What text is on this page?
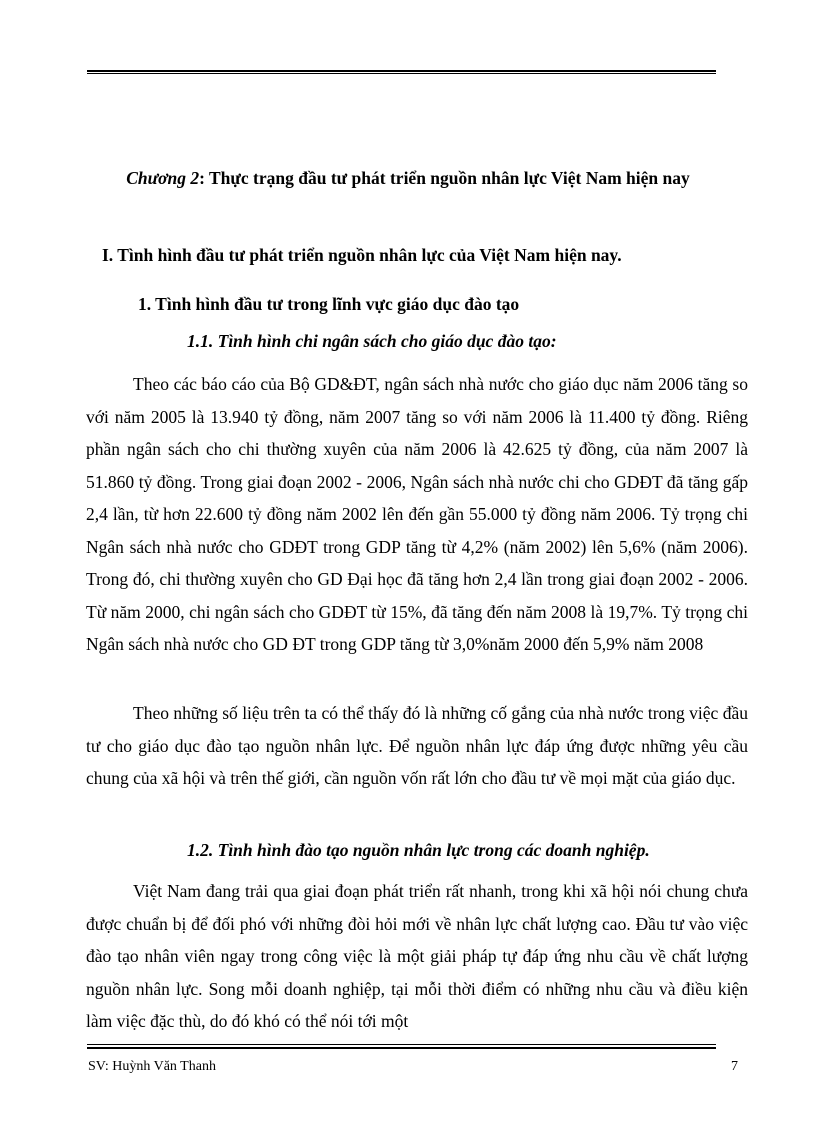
Chương 2: Thực trạng đầu tư phát triển nguồn nhân lực Việt Nam hiện nay
I. Tình hình đầu tư phát triển nguồn nhân lực của Việt Nam hiện nay.
1. Tình hình đầu tư trong lĩnh vực giáo dục đào tạo
1.1. Tình hình chi ngân sách cho giáo dục đào tạo:

Theo các báo cáo của Bộ GD&ĐT, ngân sách nhà nước cho giáo dục năm 2006 tăng so với năm 2005 là 13.940 tỷ đồng, năm 2007 tăng so với năm 2006 là 11.400 tỷ đồng. Riêng phần ngân sách cho chi thường xuyên của năm 2006 là 42.625 tỷ đồng, của năm 2007 là 51.860 tỷ đồng. Trong giai đoạn 2002 - 2006, Ngân sách nhà nước chi cho GDĐT đã tăng gấp 2,4 lần, từ hơn 22.600 tỷ đồng năm 2002 lên đến gần 55.000 tỷ đồng năm 2006. Tỷ trọng chi Ngân sách nhà nước cho GDĐT trong GDP tăng từ 4,2% (năm 2002) lên 5,6% (năm 2006). Trong đó, chi thường xuyên cho GD Đại học đã tăng hơn 2,4 lần trong giai đoạn 2002 - 2006. Từ năm 2000, chi ngân sách cho GDĐT từ 15%, đã tăng đến năm 2008 là 19,7%. Tỷ trọng chi Ngân sách nhà nước cho GD ĐT trong GDP tăng từ 3,0%năm 2000 đến 5,9% năm 2008

Theo những số liệu trên ta có thể thấy đó là những cố gắng của nhà nước trong việc đầu tư cho giáo dục đào tạo nguồn nhân lực. Để nguồn nhân lực đáp ứng được những yêu cầu chung của xã hội và trên thế giới, cần nguồn vốn rất lớn cho đầu tư về mọi mặt của giáo dục.

1.2. Tình hình đào tạo nguồn nhân lực trong các doanh nghiệp.

Việt Nam đang trải qua giai đoạn phát triển rất nhanh, trong khi xã hội nói chung chưa được chuẩn bị để đối phó với những đòi hỏi mới về nhân lực chất lượng cao. Đầu tư vào việc đào tạo nhân viên ngay trong công việc là một giải pháp tự đáp ứng nhu cầu về chất lượng nguồn nhân lực. Song mỗi doanh nghiệp, tại mỗi thời điểm có những nhu cầu và điều kiện làm việc đặc thù, do đó khó có thể nói tới một

SV: Huỳnh Văn Thanh	7
